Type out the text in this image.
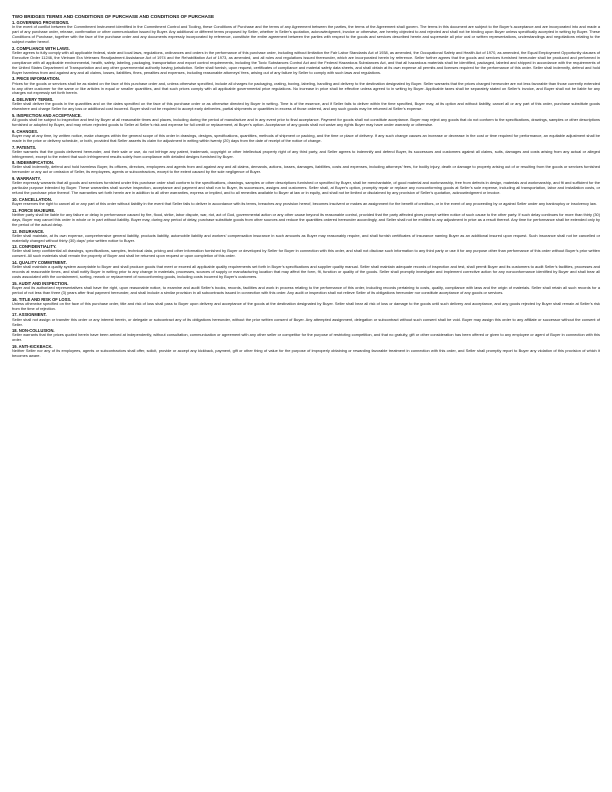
TWO BRIDGES TERMS AND CONDITIONS OF PURCHASE AND CONDITIONS OF PURCHASE
1. GOVERNING PROVISIONS.
In the event of conflict between the Commitment Instrument identified in the Commitment Control and Tooling, these Conditions of Purchase and the terms of any Agreement between the parties, the terms of the Agreement shall govern. The terms in this document are subject to the Buyer’s acceptance and are incorporated into and made a part of any purchase order, release, confirmation or other communication issued by Buyer. Any additional or different terms proposed by Seller, whether in Seller’s quotation, acknowledgment, invoice or otherwise, are hereby objected to and rejected and shall not be binding upon Buyer unless specifically accepted in writing by Buyer. These Conditions of Purchase, together with the face of the purchase order and any documents expressly incorporated by reference, constitute the entire agreement between the parties with respect to the goods and services described herein and supersede all prior oral or written representations, understandings and negotiations relating to the subject matter hereof.
2. COMPLIANCE WITH LAWS.
Seller agrees to fully comply with all applicable federal, state and local laws, regulations, ordinances and orders in the performance of this purchase order, including without limitation the Fair Labor Standards Act of 1938, as amended, the Occupational Safety and Health Act of 1970, as amended, the Equal Employment Opportunity clauses of Executive Order 11246, the Vietnam Era Veterans Readjustment Assistance Act of 1974 and the Rehabilitation Act of 1973, as amended, and all rules and regulations issued thereunder, which are incorporated herein by reference. Seller further agrees that the goods and services furnished hereunder shall be produced and performed in compliance with all applicable environmental, health, safety, labeling, packaging, transportation and export control requirements, including the Toxic Substances Control Act and the Federal Hazardous Substances Act, and that all hazardous materials shall be identified, packaged, labeled and shipped in accordance with the requirements of the United States Department of Transportation and any other governmental authority having jurisdiction. Seller shall furnish, upon request, certificates of compliance and material safety data sheets, and shall obtain at its own expense all permits and licenses required for the performance of this order. Seller shall indemnify, defend and hold Buyer harmless from and against any and all claims, losses, liabilities, fines, penalties and expenses, including reasonable attorneys’ fees, arising out of any failure by Seller to comply with such laws and regulations.
3. PRICE INFORMATION.
Prices for the goods or services shall be as stated on the face of this purchase order and, unless otherwise specified, include all charges for packaging, crating, boxing, labeling, handling and delivery to the destination designated by Buyer. Seller warrants that the prices charged hereunder are not less favorable than those currently extended to any other customer for the same or like articles in equal or smaller quantities, and that such prices comply with all applicable governmental price regulations. No increase in price shall be effective unless agreed to in writing by Buyer. Applicable taxes shall be separately stated on Seller’s invoice, and Buyer shall not be liable for any charges not expressly set forth herein.
4. DELIVERY TERMS.
Seller shall deliver the goods in the quantities and on the dates specified on the face of this purchase order or as otherwise directed by Buyer in writing. Time is of the essence, and if Seller fails to deliver within the time specified, Buyer may, at its option and without liability, cancel all or any part of this order, purchase substitute goods elsewhere and charge Seller for any loss or additional cost incurred. Buyer shall not be required to accept early deliveries, partial shipments or quantities in excess of those ordered, and any such goods may be returned at Seller’s expense.
5. INSPECTION AND ACCEPTANCE.
All goods shall be subject to inspection and test by Buyer at all reasonable times and places, including during the period of manufacture and in any event prior to final acceptance. Payment for goods shall not constitute acceptance. Buyer may reject any goods that do not conform to the specifications, drawings, samples or other descriptions furnished or adopted by Buyer, and may return rejected goods to Seller at Seller’s risk and expense for full credit or replacement, at Buyer’s option. Acceptance of any goods shall not waive any rights Buyer may have under warranty or otherwise.
6. CHANGES.
Buyer may at any time, by written notice, make changes within the general scope of this order in drawings, designs, specifications, quantities, methods of shipment or packing, and the time or place of delivery. If any such change causes an increase or decrease in the cost or time required for performance, an equitable adjustment shall be made in the price or delivery schedule, or both, provided that Seller asserts its claim for adjustment in writing within twenty (20) days from the date of receipt of the notice of change.
7. PATENTS.
Seller warrants that the goods delivered hereunder, and their sale or use, do not infringe any patent, trademark, copyright or other intellectual property right of any third party, and Seller agrees to indemnify and defend Buyer, its successors and customers against all claims, suits, damages and costs arising from any actual or alleged infringement, except to the extent that such infringement results solely from compliance with detailed designs furnished by Buyer.
8. INDEMNIFICATION.
Seller shall indemnify, defend and hold harmless Buyer, its officers, directors, employees and agents from and against any and all claims, demands, actions, losses, damages, liabilities, costs and expenses, including attorneys’ fees, for bodily injury, death or damage to property arising out of or resulting from the goods or services furnished hereunder or any act or omission of Seller, its employees, agents or subcontractors, except to the extent caused by the sole negligence of Buyer.
9. WARRANTY.
Seller expressly warrants that all goods and services furnished under this purchase order shall conform to the specifications, drawings, samples or other descriptions furnished or specified by Buyer, shall be merchantable, of good material and workmanship, free from defects in design, materials and workmanship, and fit and sufficient for the particular purpose intended by Buyer. These warranties shall survive inspection, acceptance and payment and shall run to Buyer, its successors, assigns and customers. Seller shall, at Buyer’s option, promptly repair or replace any nonconforming goods at Seller’s sole expense, including all transportation, labor and installation costs, or refund the purchase price thereof. The warranties set forth herein are in addition to all other warranties, express or implied, and to all remedies available to Buyer at law or in equity, and shall not be limited or disclaimed by any provision of Seller’s quotation, acknowledgment or invoice.
10. CANCELLATION.
Buyer reserves the right to cancel all or any part of this order without liability in the event that Seller fails to deliver in accordance with its terms, breaches any provision hereof, becomes insolvent or makes an assignment for the benefit of creditors, or in the event of any proceeding by or against Seller under any bankruptcy or insolvency law.
11. FORCE MAJEURE.
Neither party shall be liable for any failure or delay in performance caused by fire, flood, strike, labor dispute, war, riot, act of God, governmental action or any other cause beyond its reasonable control, provided that the party affected gives prompt written notice of such cause to the other party. If such delay continues for more than thirty (30) days, Buyer may cancel this order in whole or in part without liability. Buyer may, during any period of delay, purchase substitute goods from other sources and reduce the quantities ordered hereunder accordingly, and Seller shall not be entitled to any adjustment in price as a result thereof. Any time for performance shall be extended only by the period of the actual delay.
12. INSURANCE.
Seller shall maintain, at its own expense, comprehensive general liability, products liability, automobile liability and workers’ compensation insurance in such amounts as Buyer may reasonably require, and shall furnish certificates of insurance naming Buyer as an additional insured upon request. Such insurance shall not be cancelled or materially changed without thirty (30) days’ prior written notice to Buyer.
13. CONFIDENTIALITY.
Seller shall keep confidential all drawings, specifications, samples, technical data, pricing and other information furnished by Buyer or developed by Seller for Buyer in connection with this order, and shall not disclose such information to any third party or use it for any purpose other than performance of this order without Buyer’s prior written consent. All such materials shall remain the property of Buyer and shall be returned upon request or upon completion of this order.
14. QUALITY COMMITMENT.
Seller shall maintain a quality system acceptable to Buyer and shall produce goods that meet or exceed all applicable quality requirements set forth in Buyer’s specifications and supplier quality manual. Seller shall maintain adequate records of inspection and test, shall permit Buyer and its customers to audit Seller’s facilities, processes and records at reasonable times, and shall notify Buyer in writing prior to any change in materials, processes, sources of supply or manufacturing location that may affect the form, fit, function or quality of the goods. Seller shall promptly investigate and implement corrective action for any nonconformance identified by Buyer and shall bear all costs associated with the containment, sorting, rework or replacement of nonconforming goods, including costs incurred by Buyer’s customers.
15. AUDIT AND INSPECTION.
Buyer and its authorized representatives shall have the right, upon reasonable notice, to examine and audit Seller’s books, records, facilities and work in process relating to the performance of this order, including records pertaining to costs, quality, compliance with laws and the origin of materials. Seller shall retain all such records for a period of not less than three (3) years after final payment hereunder, and shall include a similar provision in all subcontracts issued in connection with this order. Any audit or inspection shall not relieve Seller of its obligations hereunder nor constitute acceptance of any goods or services.
16. TITLE AND RISK OF LOSS.
Unless otherwise specified on the face of this purchase order, title and risk of loss shall pass to Buyer upon delivery and acceptance of the goods at the destination designated by Buyer. Seller shall bear all risk of loss or damage to the goods until such delivery and acceptance, and any goods rejected by Buyer shall remain at Seller’s risk from the time of rejection.
17. ASSIGNMENT.
Seller shall not assign or transfer this order or any interest herein, or delegate or subcontract any of its obligations hereunder, without the prior written consent of Buyer. Any attempted assignment, delegation or subcontract without such consent shall be void. Buyer may assign this order to any affiliate or successor without the consent of Seller.
18. NON-COLLUSION.
Seller warrants that the prices quoted herein have been arrived at independently, without consultation, communication or agreement with any other seller or competitor for the purpose of restricting competition, and that no gratuity, gift or other consideration has been offered or given to any employee or agent of Buyer in connection with this order.
19. ANTI-KICKBACK.
Neither Seller nor any of its employees, agents or subcontractors shall offer, solicit, provide or accept any kickback, payment, gift or other thing of value for the purpose of improperly obtaining or rewarding favorable treatment in connection with this order, and Seller shall promptly report to Buyer any violation of this provision of which it becomes aware.
